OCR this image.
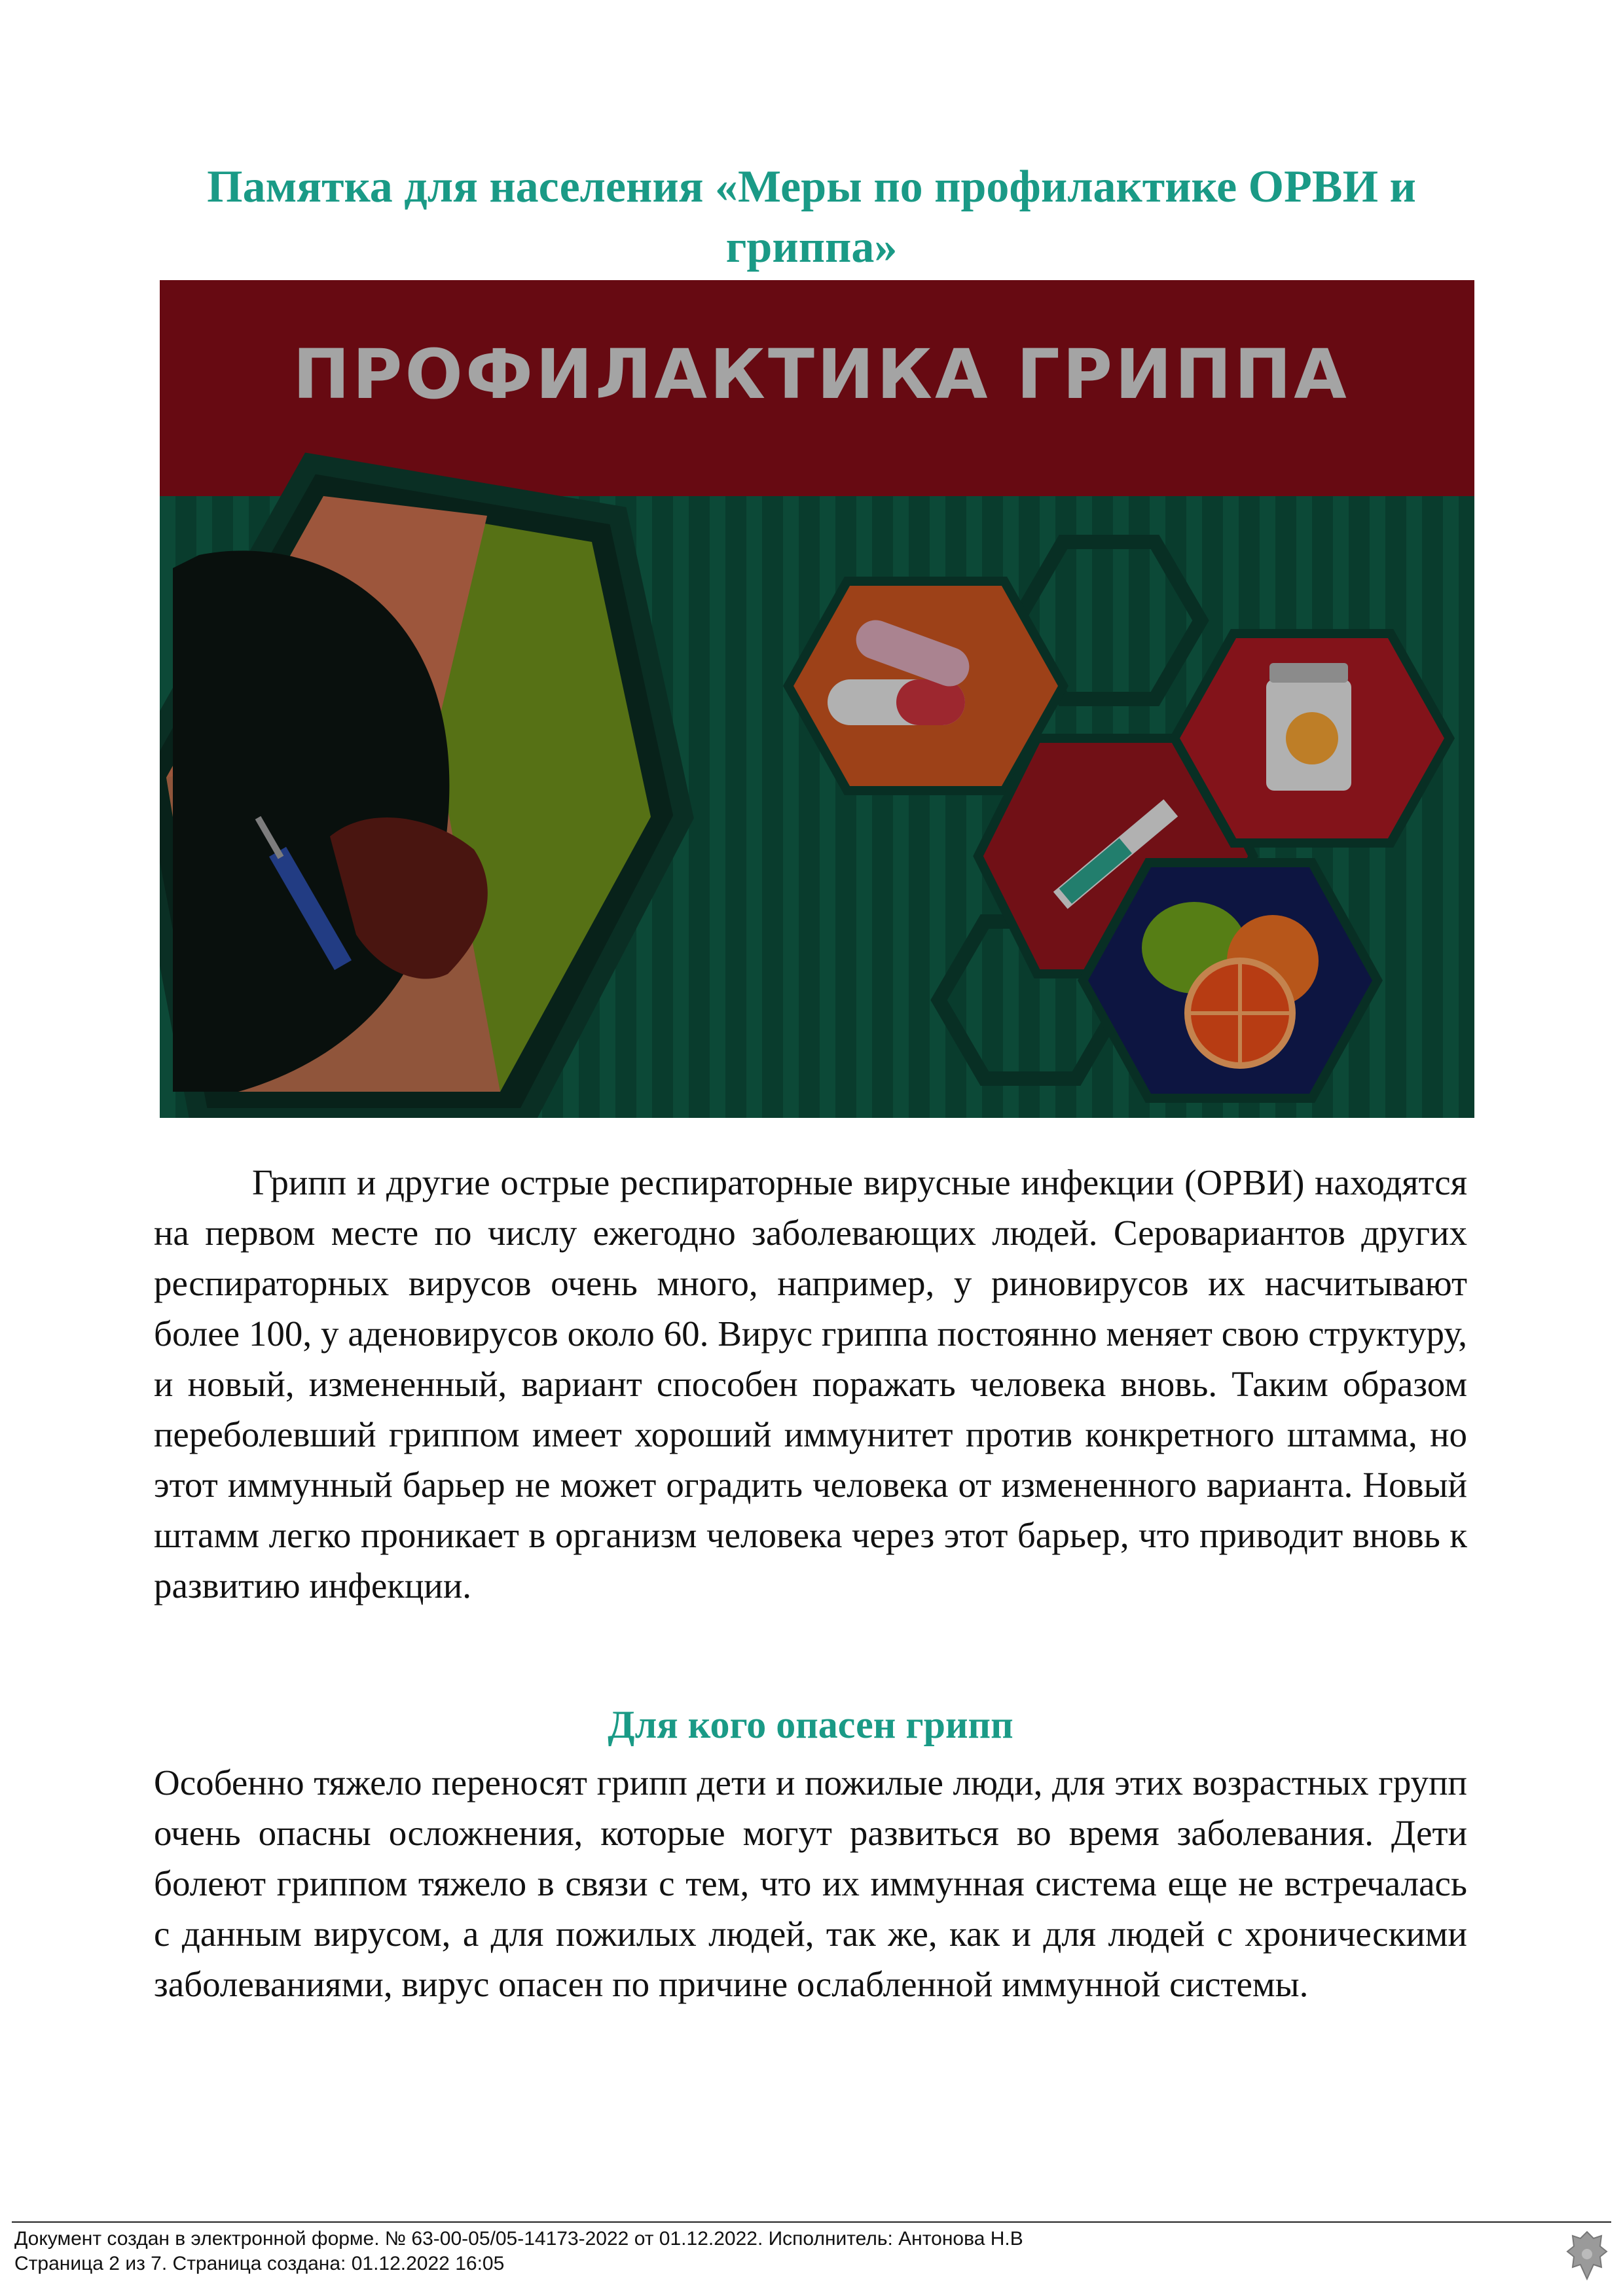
Памятка для населения «Меры по профилактике ОРВИ и гриппа»
ПРОФИЛАКТИКА ГРИППА

Грипп и другие острые респираторные вирусные инфекции (ОРВИ) находятся на первом месте по числу ежегодно заболевающих людей. Серовариантов других респираторных вирусов очень много, например, у риновирусов их насчитывают более 100, у аденовирусов около 60. Вирус гриппа постоянно меняет свою структуру, и новый, измененный, вариант способен поражать человека вновь. Таким образом переболевший гриппом имеет хороший иммунитет против конкретного штамма, но этот иммунный барьер не может оградить человека от измененного варианта. Новый штамм легко проникает в организм человека через этот барьер, что приводит вновь к развитию инфекции.

Для кого опасен грипп

Особенно тяжело переносят грипп дети и пожилые люди, для этих возрастных групп очень опасны осложнения, которые могут развиться во время заболевания. Дети болеют гриппом тяжело в связи с тем, что их иммунная система еще не встречалась с данным вирусом, а для пожилых людей, так же, как и для людей с хроническими заболеваниями, вирус опасен по причине ослабленной иммунной системы.

Документ создан в электронной форме. № 63-00-05/05-14173-2022 от 01.12.2022. Исполнитель: Антонова Н.В
Страница 2 из 7. Страница создана: 01.12.2022 16:05
